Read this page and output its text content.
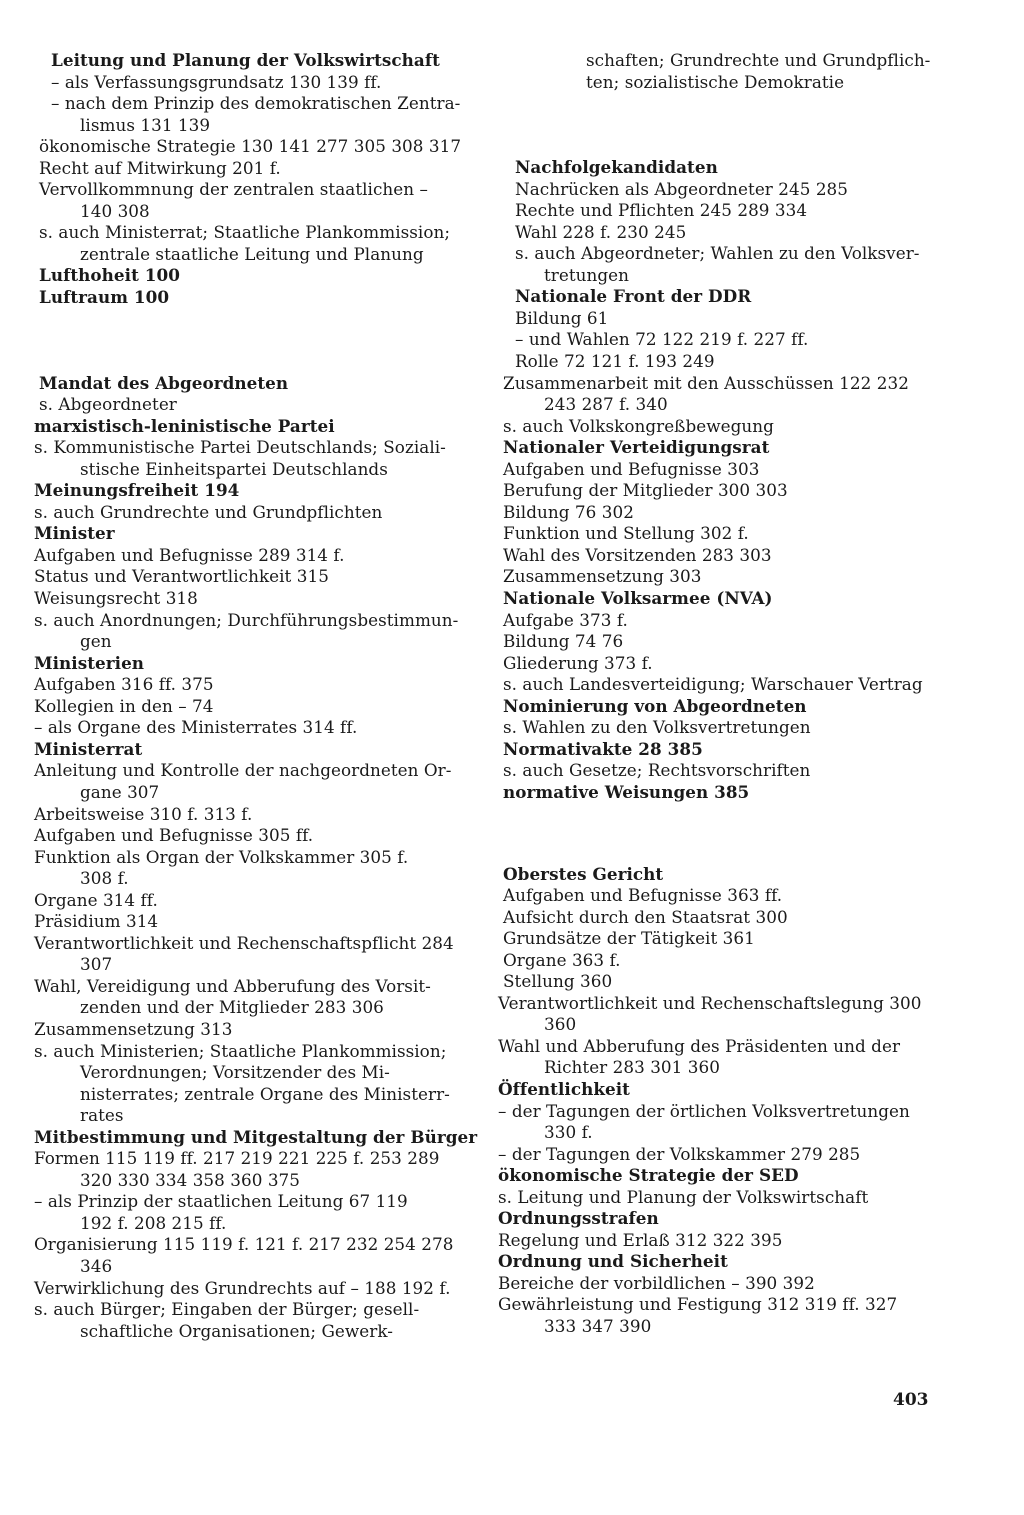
Leitung und Planung der Volkswirtschaft
– als Verfassungsgrundsatz 130 139 ff.
– nach dem Prinzip des demokratischen Zentra-
lismus 131 139
ökonomische Strategie 130 141 277 305 308 317
Recht auf Mitwirkung 201 f.
Vervollkommnung der zentralen staatlichen –
140 308
s. auch Ministerrat; Staatliche Plankommission;
zentrale staatliche Leitung und Planung
Lufthoheit 100
Luftraum 100
Mandat des Abgeordneten
s. Abgeordneter
marxistisch-leninistische Partei
s. Kommunistische Partei Deutschlands; Soziali-
stische Einheitspartei Deutschlands
Meinungsfreiheit 194
s. auch Grundrechte und Grundpflichten
Minister
Aufgaben und Befugnisse 289 314 f.
Status und Verantwortlichkeit 315
Weisungsrecht 318
s. auch Anordnungen; Durchführungsbestimmun-
gen
Ministerien
Aufgaben 316 ff. 375
Kollegien in den – 74
– als Organe des Ministerrates 314 ff.
Ministerrat
Anleitung und Kontrolle der nachgeordneten Or-
gane 307
Arbeitsweise 310 f. 313 f.
Aufgaben und Befugnisse 305 ff.
Funktion als Organ der Volkskammer 305 f.
308 f.
Organe 314 ff.
Präsidium 314
Verantwortlichkeit und Rechenschaftspflicht 284
307
Wahl, Vereidigung und Abberufung des Vorsit-
zenden und der Mitglieder 283 306
Zusammensetzung 313
s. auch Ministerien; Staatliche Plankommission;
Verordnungen; Vorsitzender des Mi-
nisterrates; zentrale Organe des Ministerr-
rates
Mitbestimmung und Mitgestaltung der Bürger
Formen 115 119 ff. 217 219 221 225 f. 253 289
320 330 334 358 360 375
– als Prinzip der staatlichen Leitung 67 119
192 f. 208 215 ff.
Organisierung 115 119 f. 121 f. 217 232 254 278
346
Verwirklichung des Grundrechts auf – 188 192 f.
s. auch Bürger; Eingaben der Bürger; gesell-
schaftliche Organisationen; Gewerk-
schaften; Grundrechte und Grundpflich-
ten; sozialistische Demokratie
Nachfolgekandidaten
Nachrücken als Abgeordneter 245 285
Rechte und Pflichten 245 289 334
Wahl 228 f. 230 245
s. auch Abgeordneter; Wahlen zu den Volksver-
tretungen
Nationale Front der DDR
Bildung 61
– und Wahlen 72 122 219 f. 227 ff.
Rolle 72 121 f. 193 249
Zusammenarbeit mit den Ausschüssen 122 232
243 287 f. 340
s. auch Volkskongreßbewegung
Nationaler Verteidigungsrat
Aufgaben und Befugnisse 303
Berufung der Mitglieder 300 303
Bildung 76 302
Funktion und Stellung 302 f.
Wahl des Vorsitzenden 283 303
Zusammensetzung 303
Nationale Volksarmee (NVA)
Aufgabe 373 f.
Bildung 74 76
Gliederung 373 f.
s. auch Landesverteidigung; Warschauer Vertrag
Nominierung von Abgeordneten
s. Wahlen zu den Volksvertretungen
Normativakte 28 385
s. auch Gesetze; Rechtsvorschriften
normative Weisungen 385
Oberstes Gericht
Aufgaben und Befugnisse 363 ff.
Aufsicht durch den Staatsrat 300
Grundsätze der Tätigkeit 361
Organe 363 f.
Stellung 360
Verantwortlichkeit und Rechenschaftslegung 300
360
Wahl und Abberufung des Präsidenten und der
Richter 283 301 360
Öffentlichkeit
– der Tagungen der örtlichen Volksvertretungen
330 f.
– der Tagungen der Volkskammer 279 285
ökonomische Strategie der SED
s. Leitung und Planung der Volkswirtschaft
Ordnungsstrafen
Regelung und Erlaß 312 322 395
Ordnung und Sicherheit
Bereiche der vorbildlichen – 390 392
Gewährleistung und Festigung 312 319 ff. 327
333 347 390
403
